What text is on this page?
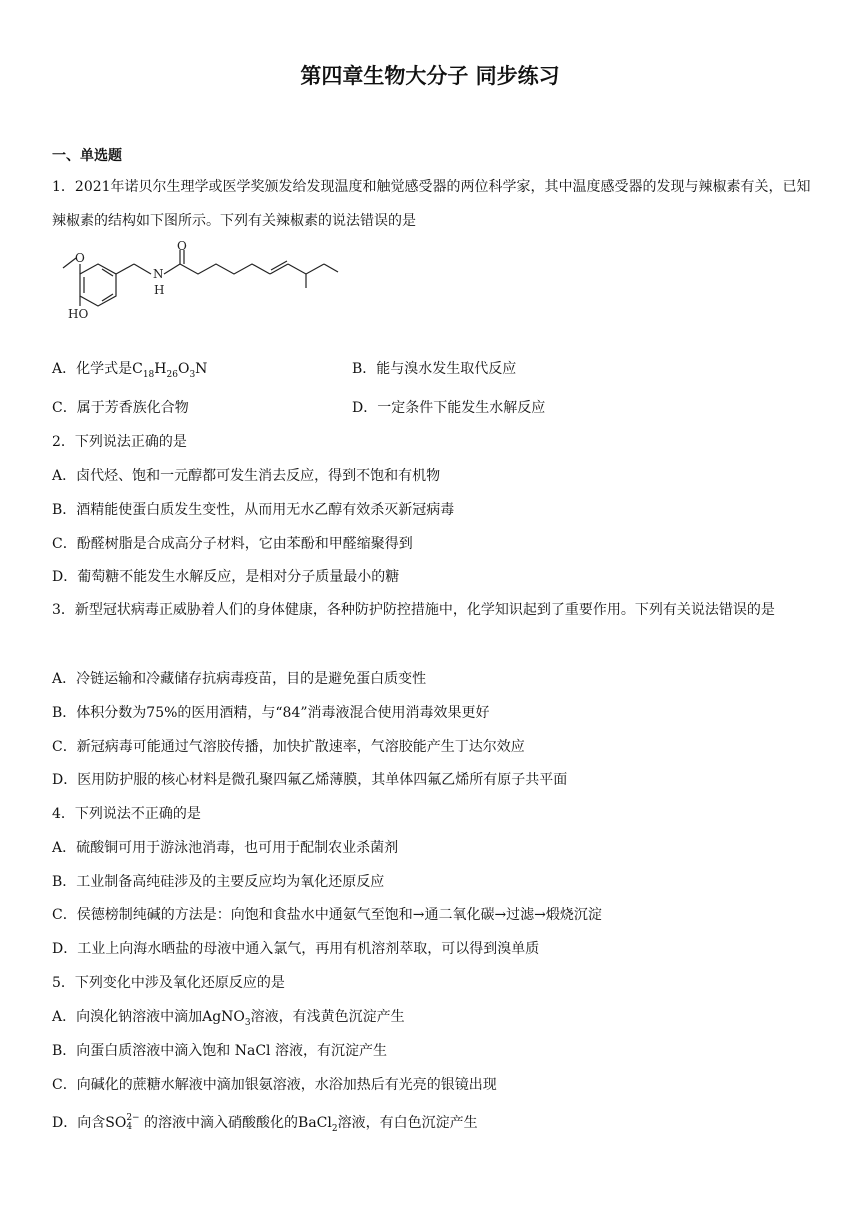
第四章生物大分子 同步练习
一、单选题
1．2021年诺贝尔生理学或医学奖颁发给发现温度和触觉感受器的两位科学家，其中温度感受器的发现与辣椒素有关，已知辣椒素的结构如下图所示。下列有关辣椒素的说法错误的是
O
N
H
HO
O
A．化学式是$C_{18}H_{26}O_3N$	B．能与溴水发生取代反应
C．属于芳香族化合物	D．一定条件下能发生水解反应
2．下列说法正确的是
A．卤代烃、饱和一元醇都可发生消去反应，得到不饱和有机物
B．酒精能使蛋白质发生变性，从而用无水乙醇有效杀灭新冠病毒
C．酚醛树脂是合成高分子材料，它由苯酚和甲醛缩聚得到
D．葡萄糖不能发生水解反应，是相对分子质量最小的糖
3．新型冠状病毒正威胁着人们的身体健康，各种防护防控措施中，化学知识起到了重要作用。下列有关说法错误的是
A．冷链运输和冷藏储存抗病毒疫苗，目的是避免蛋白质变性
B．体积分数为75%的医用酒精，与“84”消毒液混合使用消毒效果更好
C．新冠病毒可能通过气溶胶传播，加快扩散速率，气溶胶能产生丁达尔效应
D．医用防护服的核心材料是微孔聚四氟乙烯薄膜，其单体四氟乙烯所有原子共平面
4．下列说法不正确的是
A．硫酸铜可用于游泳池消毒，也可用于配制农业杀菌剂
B．工业制备高纯硅涉及的主要反应均为氧化还原反应
C．侯德榜制纯碱的方法是：向饱和食盐水中通氨气至饱和→通二氧化碳→过滤→煅烧沉淀
D．工业上向海水晒盐的母液中通入氯气，再用有机溶剂萃取，可以得到溴单质
5．下列变化中涉及氧化还原反应的是
A．向溴化钠溶液中滴加AgNO$_3$溶液，有浅黄色沉淀产生
B．向蛋白质溶液中滴入饱和 NaCl 溶液，有沉淀产生
C．向碱化的蔗糖水解液中滴加银氨溶液，水浴加热后有光亮的银镜出现
D．向含SO 2−
4 的溶液中滴入硝酸酸化的BaCl$_2$溶液，有白色沉淀产生
